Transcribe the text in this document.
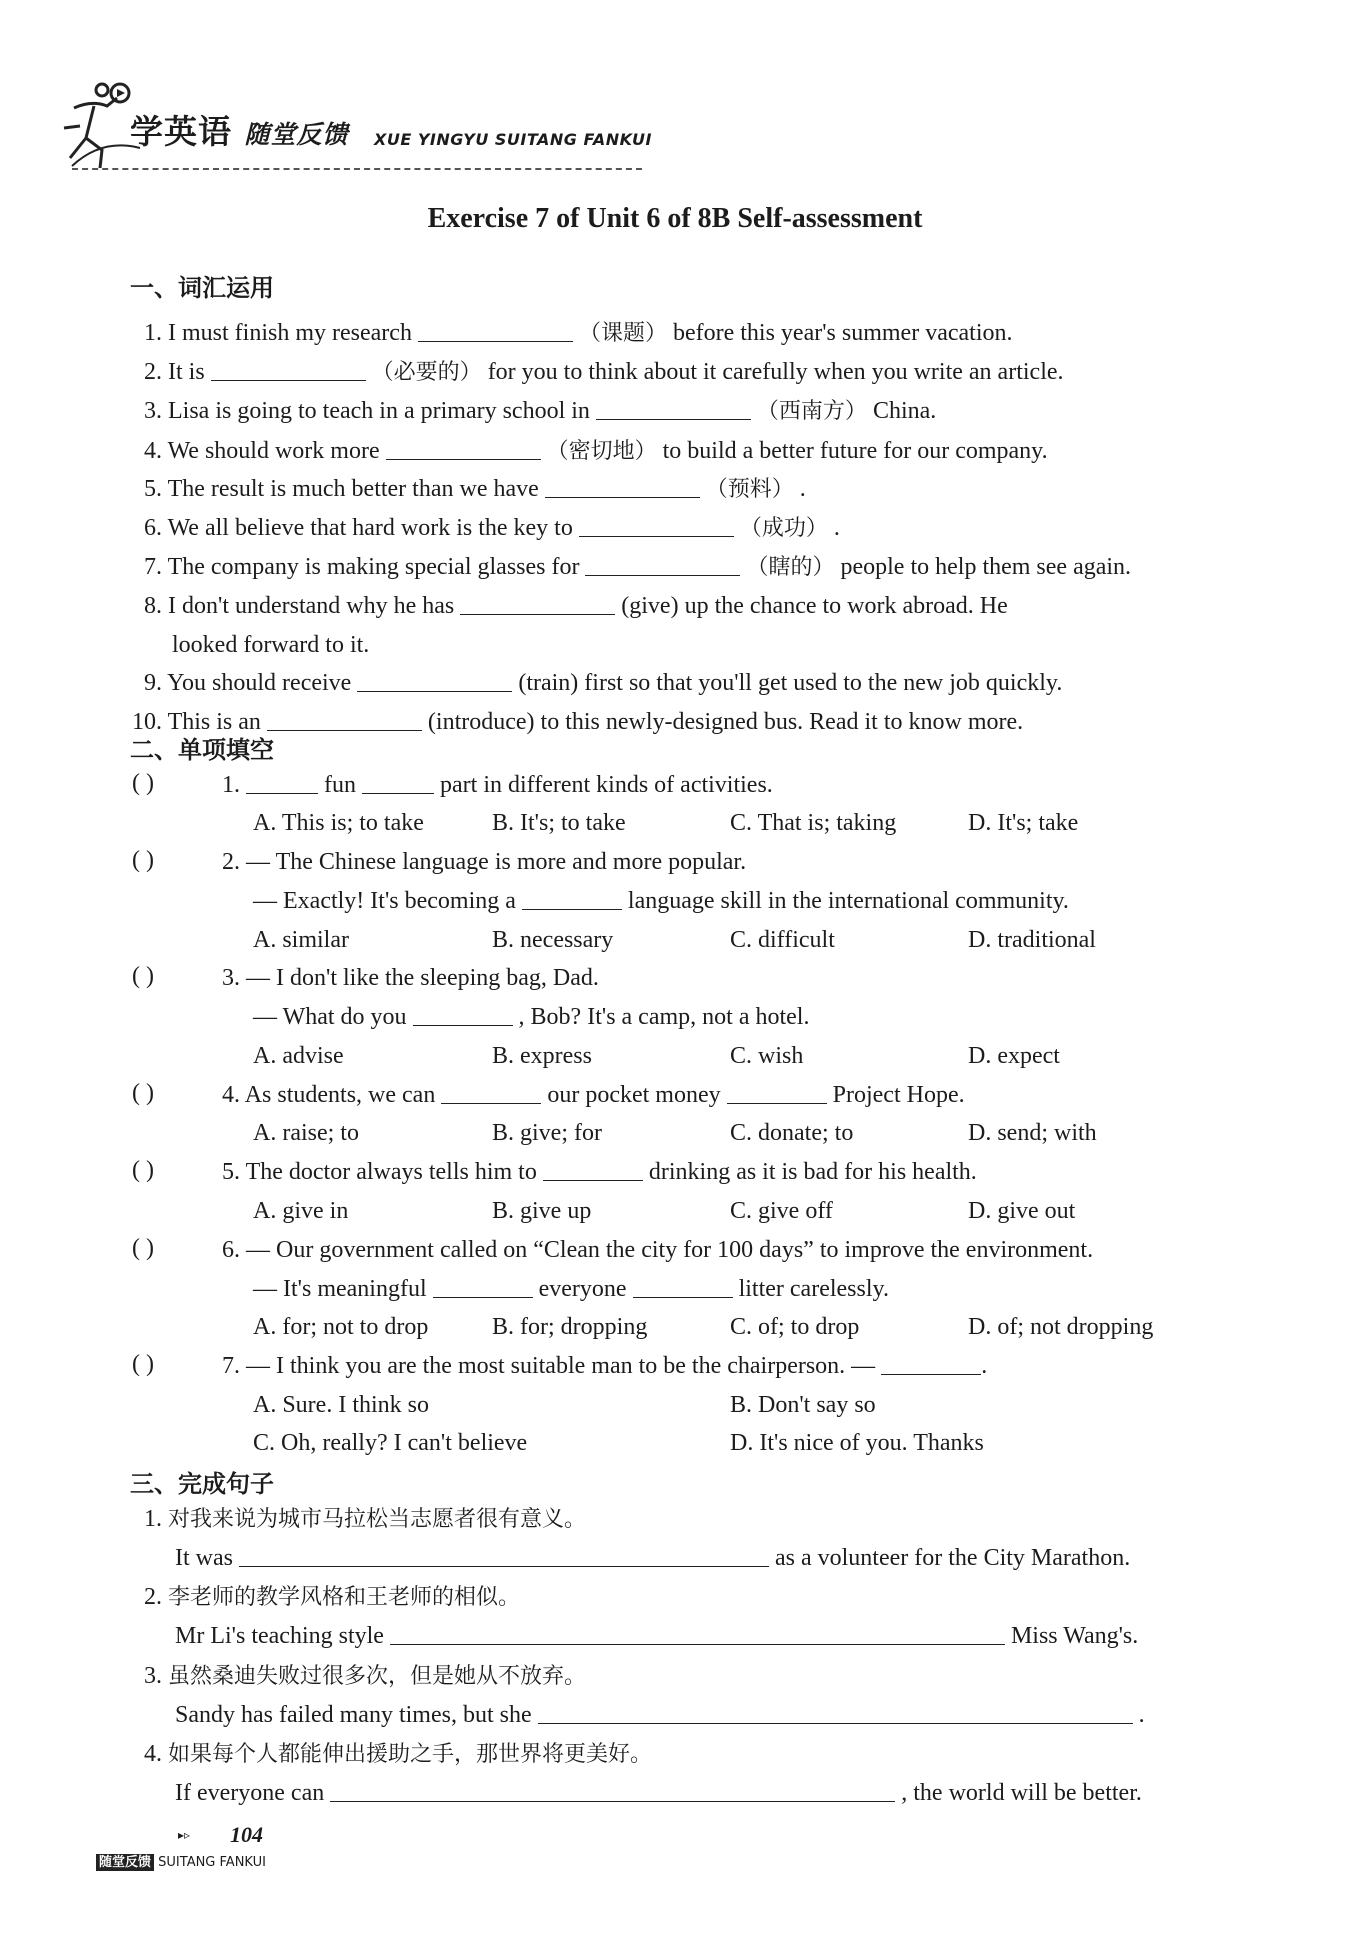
学英语 随堂反馈 XUE YINGYU SUITANG FANKUI
Exercise 7 of Unit 6 of 8B Self-assessment
一、词汇运用
1. I must finish my research	（课题） before this year's summer vacation.
2. It is	（必要的） for you to think about it carefully when you write an article.
3. Lisa is going to teach in a primary school in	（西南方） China.
4. We should work more	（密切地） to build a better future for our company.
5. The result is much better than we have	（预料） .
6. We all believe that hard work is the key to	（成功） .
7. The company is making special glasses for	（瞎的） people to help them see again.
8. I don't understand why he has	(give) up the chance to work abroad. He
looked forward to it.
9. You should receive	(train) first so that you'll get used to the new job quickly.
10. This is an	(introduce) to this newly-designed bus. Read it to know more.
二、单项填空
( )	1.	fun	part in different kinds of activities.
A. This is; to take	B. It's; to take	C. That is; taking	D. It's; take
( )	2. — The Chinese language is more and more popular.
— Exactly! It's becoming a	language skill in the international community.
A. similar	B. necessary	C. difficult	D. traditional
( )	3. — I don't like the sleeping bag, Dad.
— What do you	, Bob? It's a camp, not a hotel.
A. advise	B. express	C. wish	D. expect
( )	4. As students, we can	our pocket money	Project Hope.
A. raise; to	B. give; for	C. donate; to	D. send; with
( )	5. The doctor always tells him to	drinking as it is bad for his health.
A. give in	B. give up	C. give off	D. give out
( )	6. — Our government called on “Clean the city for 100 days” to improve the environment.
— It's meaningful	everyone	litter carelessly.
A. for; not to drop	B. for; dropping	C. of; to drop	D. of; not dropping
( )	7. — I think you are the most suitable man to be the chairperson. —	.
A. Sure. I think so	B. Don't say so
C. Oh, really? I can't believe	D. It's nice of you. Thanks
三、完成句子
1. 对我来说为城市马拉松当志愿者很有意义。
It was	as a volunteer for the City Marathon.
2. 李老师的教学风格和王老师的相似。
Mr Li's teaching style	Miss Wang's.
3. 虽然桑迪失败过很多次，但是她从不放弃。
Sandy has failed many times, but she	.
4. 如果每个人都能伸出援助之手，那世界将更美好。
If everyone can	, the world will be better.
▸▹ 104
随堂反馈 SUITANG FANKUI
